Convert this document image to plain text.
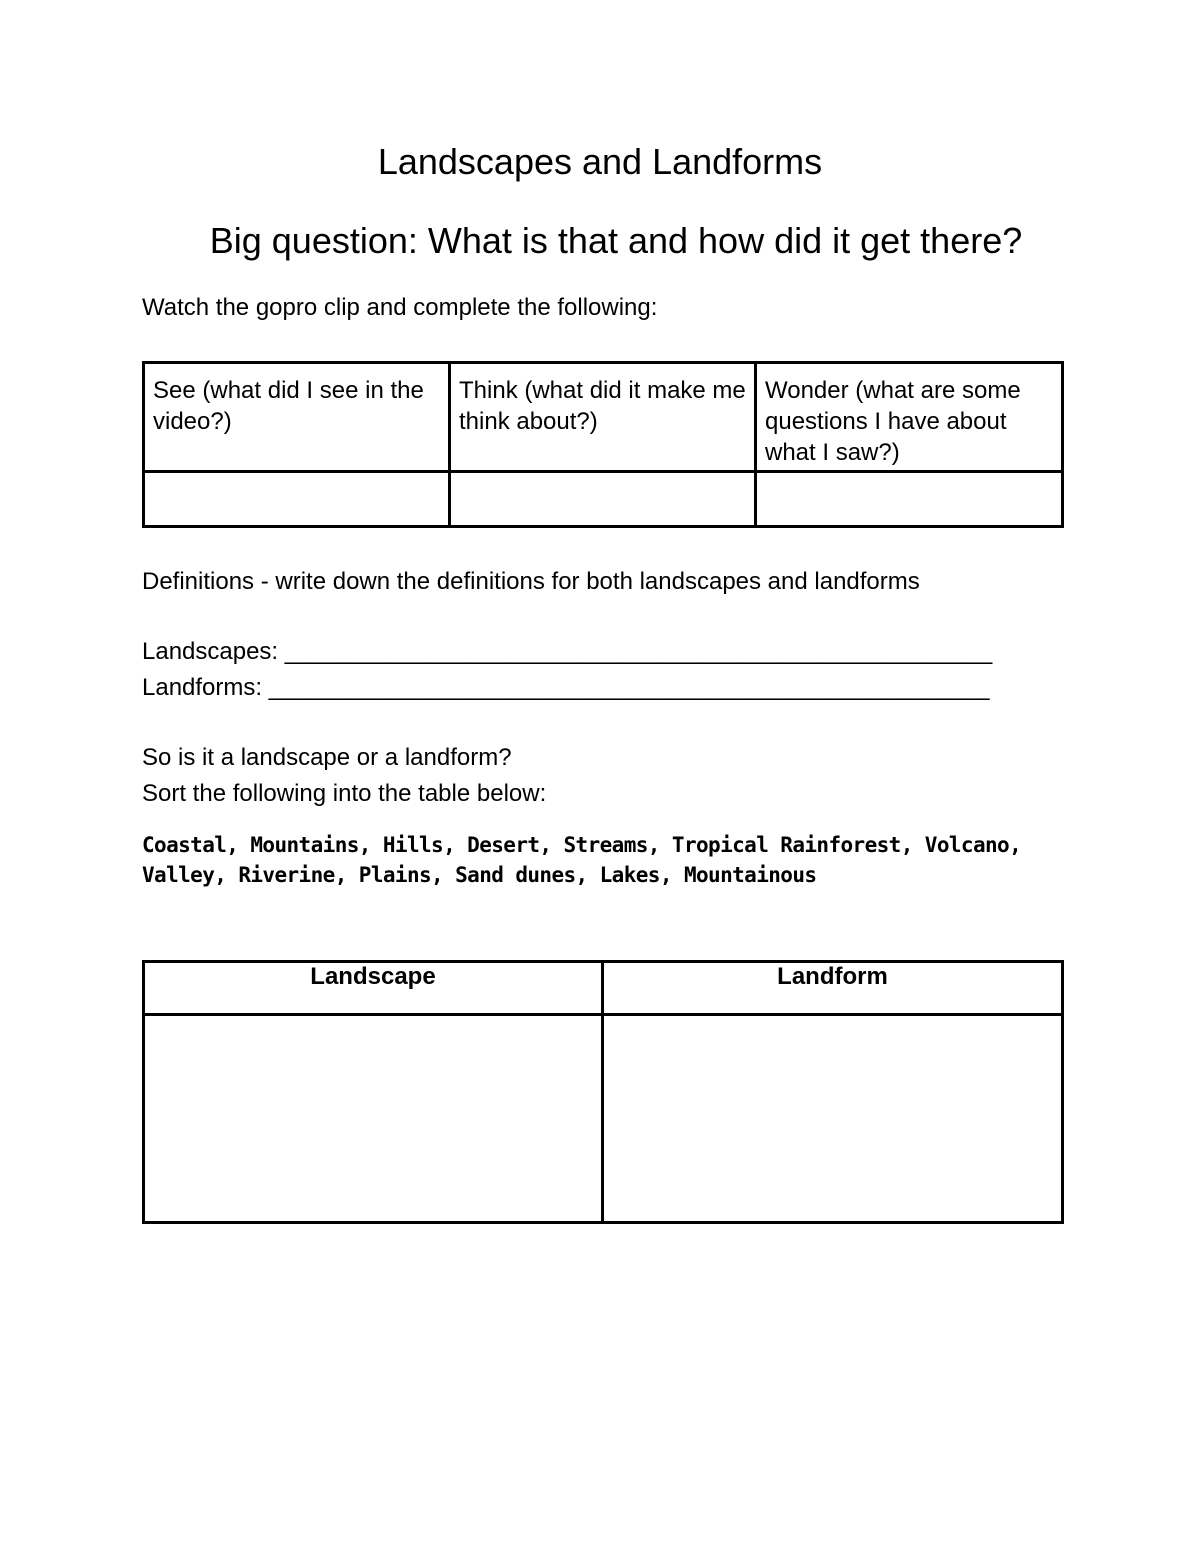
Landscapes and Landforms
Big question: What is that and how did it get there?
Watch the gopro clip and complete the following:
See (what did I see in the video?)	Think (what did it make me think about?)	Wonder (what are some questions I have about what I saw?)

Definitions - write down the definitions for both landscapes and landforms
Landscapes: _____________________________________________________
Landforms: ______________________________________________________
So is it a landscape or a landform?
Sort the following into the table below:
Coastal, Mountains, Hills, Desert, Streams, Tropical Rainforest, Volcano, Valley, Riverine, Plains, Sand dunes, Lakes, Mountainous
Landscape	Landform
